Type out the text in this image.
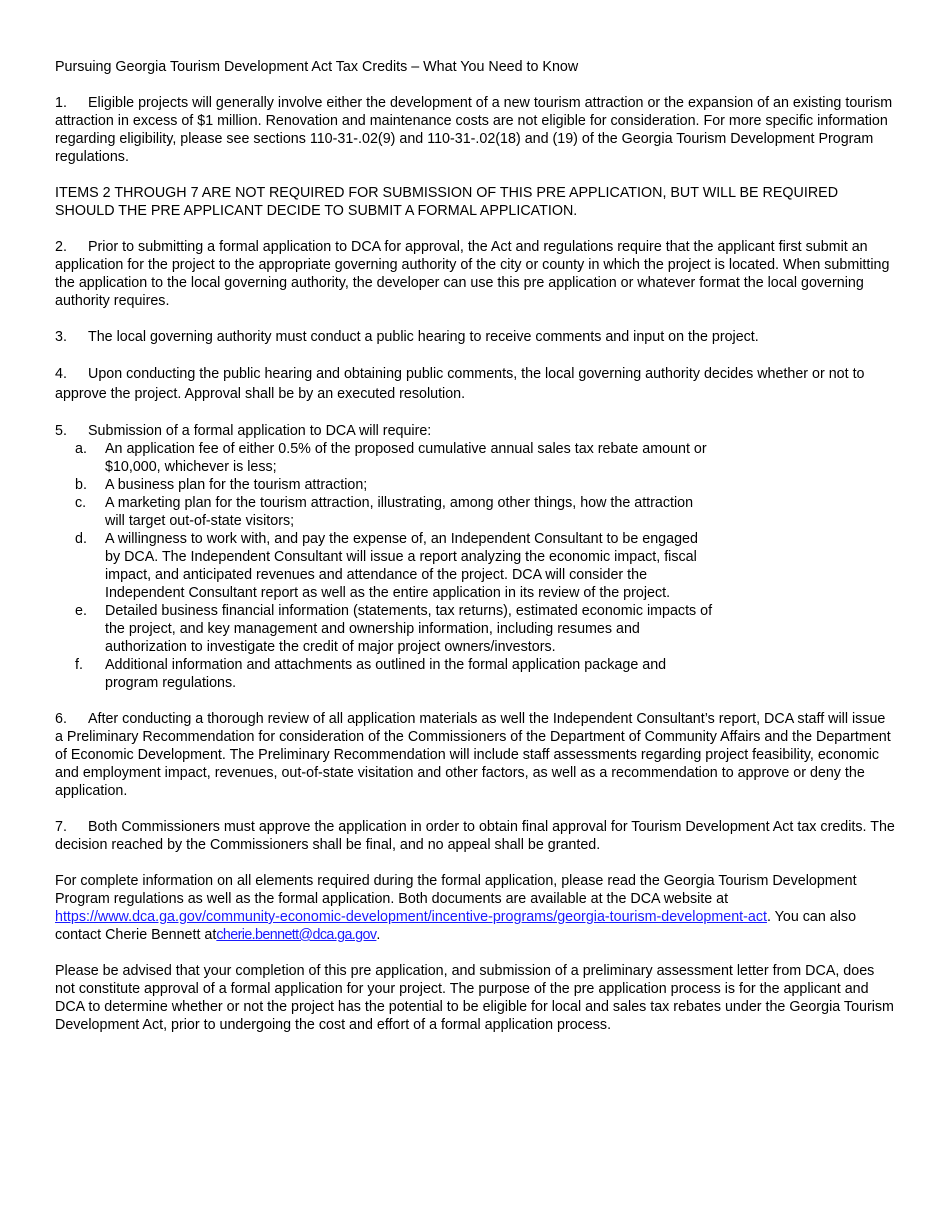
Pursuing Georgia Tourism Development Act Tax Credits – What You Need to Know
1. Eligible projects will generally involve either the development of a new tourism attraction or the expansion of an existing tourism attraction in excess of $1 million. Renovation and maintenance costs are not eligible for consideration. For more specific information regarding eligibility, please see sections 110-31-.02(9) and 110-31-.02(18) and (19) of the Georgia Tourism Development Program regulations.
ITEMS 2 THROUGH 7 ARE NOT REQUIRED FOR SUBMISSION OF THIS PRE APPLICATION, BUT WILL BE REQUIRED SHOULD THE PRE APPLICANT DECIDE TO SUBMIT A FORMAL APPLICATION.
2. Prior to submitting a formal application to DCA for approval, the Act and regulations require that the applicant first submit an application for the project to the appropriate governing authority of the city or county in which the project is located. When submitting the application to the local governing authority, the developer can use this pre application or whatever format the local governing authority requires.
3. The local governing authority must conduct a public hearing to receive comments and input on the project.
4. Upon conducting the public hearing and obtaining public comments, the local governing authority decides whether or not to approve the project. Approval shall be by an executed resolution.
5. Submission of a formal application to DCA will require:
a. An application fee of either 0.5% of the proposed cumulative annual sales tax rebate amount or $10,000, whichever is less;
b. A business plan for the tourism attraction;
c. A marketing plan for the tourism attraction, illustrating, among other things, how the attraction will target out-of-state visitors;
d. A willingness to work with, and pay the expense of, an Independent Consultant to be engaged by DCA. The Independent Consultant will issue a report analyzing the economic impact, fiscal impact, and anticipated revenues and attendance of the project. DCA will consider the Independent Consultant report as well as the entire application in its review of the project.
e. Detailed business financial information (statements, tax returns), estimated economic impacts of the project, and key management and ownership information, including resumes and authorization to investigate the credit of major project owners/investors.
f. Additional information and attachments as outlined in the formal application package and program regulations.
6. After conducting a thorough review of all application materials as well the Independent Consultant’s report, DCA staff will issue a Preliminary Recommendation for consideration of the Commissioners of the Department of Community Affairs and the Department of Economic Development. The Preliminary Recommendation will include staff assessments regarding project feasibility, economic and employment impact, revenues, out-of-state visitation and other factors, as well as a recommendation to approve or deny the application.
7. Both Commissioners must approve the application in order to obtain final approval for Tourism Development Act tax credits. The decision reached by the Commissioners shall be final, and no appeal shall be granted.
For complete information on all elements required during the formal application, please read the Georgia Tourism Development Program regulations as well as the formal application. Both documents are available at the DCA website at https://www.dca.ga.gov/community-economic-development/incentive-programs/georgia-tourism-development-act. You can also contact Cherie Bennett atcherie.bennett@dca.ga.gov.
Please be advised that your completion of this pre application, and submission of a preliminary assessment letter from DCA, does not constitute approval of a formal application for your project. The purpose of the pre application process is for the applicant and DCA to determine whether or not the project has the potential to be eligible for local and sales tax rebates under the Georgia Tourism Development Act, prior to undergoing the cost and effort of a formal application process.
